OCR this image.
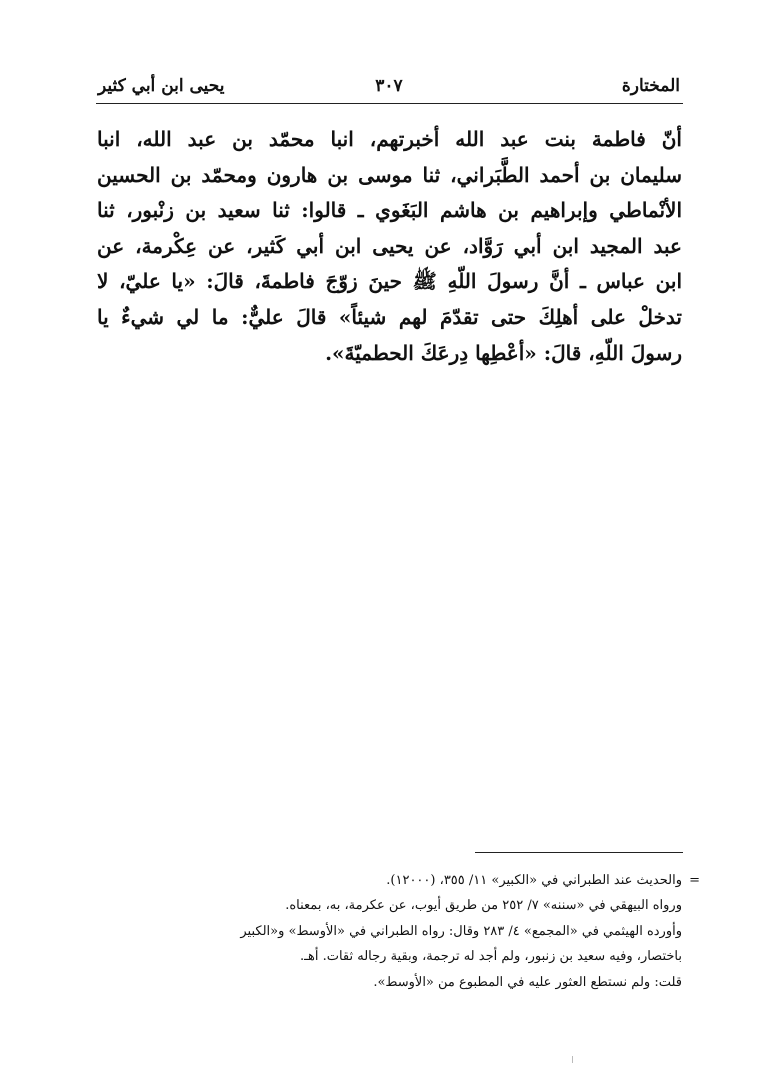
المختارة
٣٠٧
يحيى ابن أبي كثير
أنّ فاطمة بنت عبد الله أخبرتهم، انبا محمّد بن عبد الله، انبا
سليمان بن أحمد الطَّبَراني، ثنا موسى بن هارون ومحمّد بن الحسين
الأنْماطي وإبراهيم بن هاشم البَغَوي ـ قالوا: ثنا سعيد بن زنْبور، ثنا
عبد المجيد ابن أبي رَوَّاد، عن يحيى ابن أبي كَثير، عن عِكْرمة، عن
ابن عباس ـ أنَّ رسولَ اللّهِ ﷺ حينَ زوّجَ فاطمةَ، قالَ: «يا عليّ، لا
تدخلْ على أهلِكَ حتى تقدّمَ لهم شيئاً» قالَ عليٌّ: ما لي شيءٌ يا
رسولَ اللّهِ، قالَ: «أعْطِها دِرعَكَ الحطميّةَ».
=
والحديث عند الطبراني في «الكبير» ١١/ ٣٥٥، (١٢٠٠٠).
ورواه البيهقي في «سننه» ٧/ ٢٥٢ من طريق أيوب، عن عكرمة، به، بمعناه.
وأورده الهيثمي في «المجمع» ٤/ ٢٨٣ وقال: رواه الطبراني في «الأوسط» و«الكبير
باختصار، وفيه سعيد بن زنبور، ولم أجد له ترجمة، وبقية رجاله ثقات. أهـ.
قلت: ولم نستطع العثور عليه في المطبوع من «الأوسط».
